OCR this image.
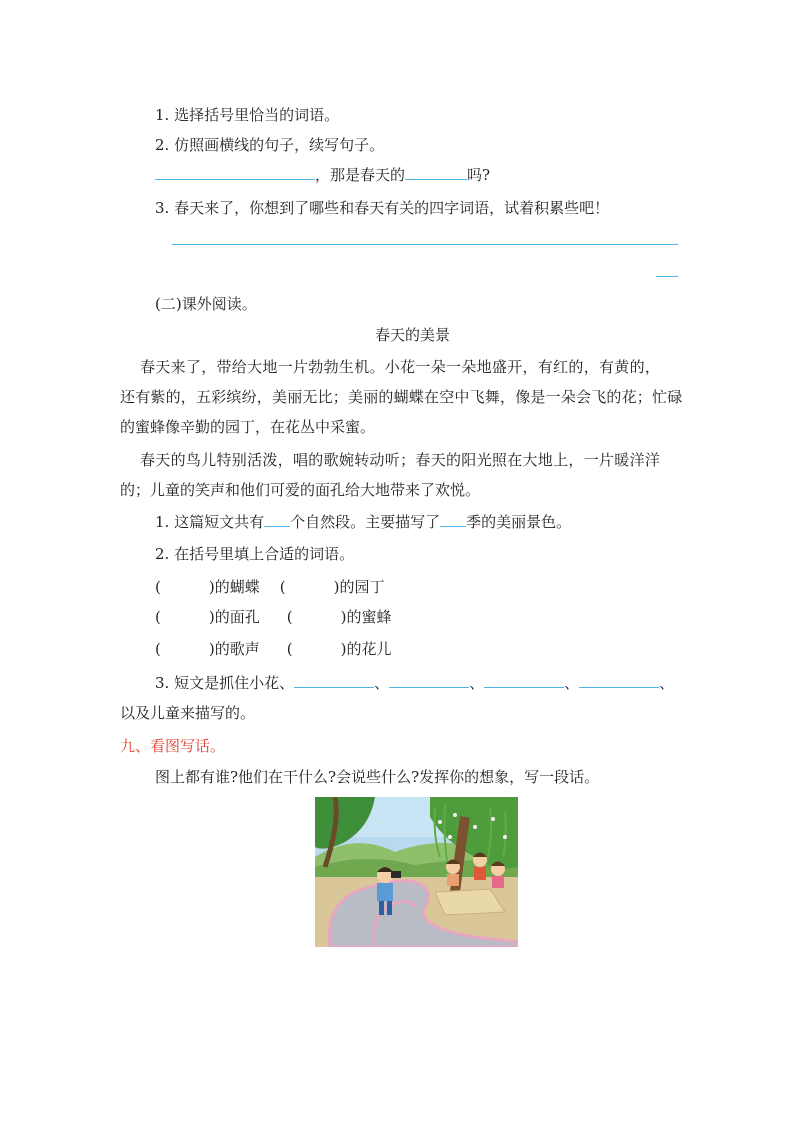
1. 选择括号里恰当的词语。
2. 仿照画横线的句子，续写句子。
，那是春天的	吗?
3. 春天来了，你想到了哪些和春天有关的四字词语，试着积累些吧！
(二)课外阅读。
春天的美景
春天来了，带给大地一片勃勃生机。小花一朵一朵地盛开，有红的，有黄的，
还有紫的，五彩缤纷，美丽无比；美丽的蝴蝶在空中飞舞，像是一朵会飞的花；忙碌
的蜜蜂像辛勤的园丁，在花丛中采蜜。
春天的鸟儿特别活泼，唱的歌婉转动听；春天的阳光照在大地上，一片暖洋洋
的；儿童的笑声和他们可爱的面孔给大地带来了欢悦。
1. 这篇短文共有 个自然段。主要描写了 季的美丽景色。
2. 在括号里填上合适的词语。
(	)的蝴蝶 (	)的园丁
(	)的面孔 (	)的蜜蜂
(	)的歌声 (	)的花儿
3. 短文是抓住小花、	、	、	、	、
以及儿童来描写的。
九、看图写话。
图上都有谁?他们在干什么?会说些什么?发挥你的想象，写一段话。
